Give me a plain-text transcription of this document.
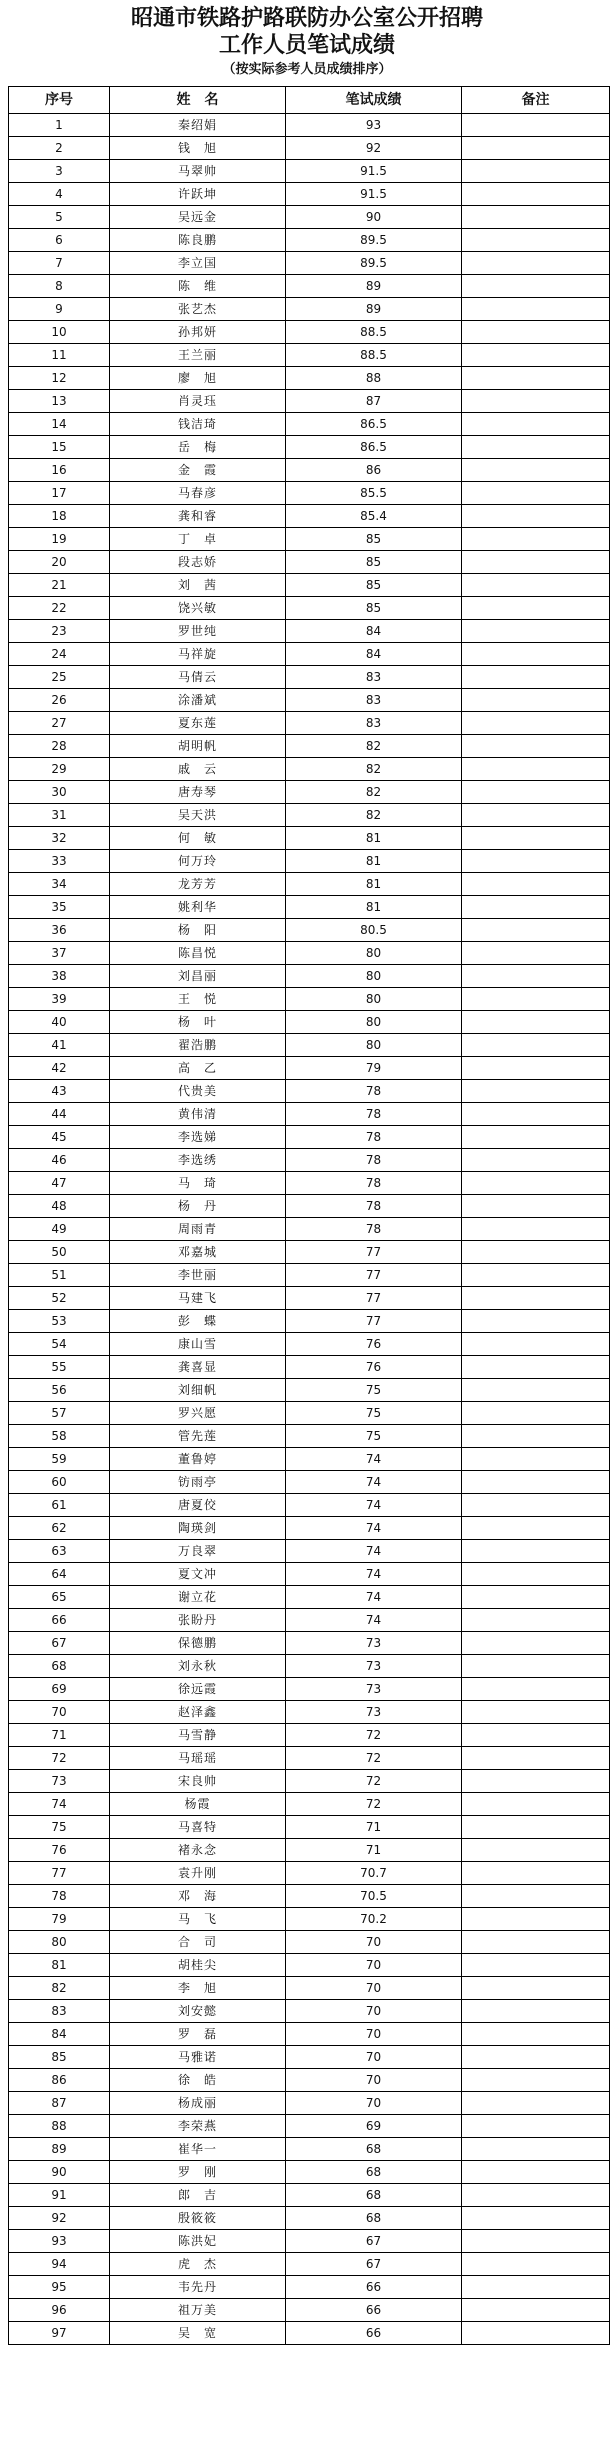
昭通市铁路护路联防办公室公开招聘
工作人员笔试成绩
（按实际参考人员成绩排序）
序号	姓　名	笔试成绩	备注
1	秦绍娟	93	
2	钱　旭	92	
3	马翠帅	91.5	
4	许跃坤	91.5	
5	吴远金	90	
6	陈良鹏	89.5	
7	李立国	89.5	
8	陈　维	89	
9	张艺杰	89	
10	孙邦妍	88.5	
11	王兰丽	88.5	
12	廖　旭	88	
13	肖灵珏	87	
14	钱洁琦	86.5	
15	岳　梅	86.5	
16	金　霞	86	
17	马春彦	85.5	
18	龚和睿	85.4	
19	丁　卓	85	
20	段志娇	85	
21	刘　茜	85	
22	饶兴敏	85	
23	罗世纯	84	
24	马祥旋	84	
25	马倩云	83	
26	涂潘斌	83	
27	夏东莲	83	
28	胡明帆	82	
29	戚　云	82	
30	唐寿琴	82	
31	吴天洪	82	
32	何　敏	81	
33	何万玲	81	
34	龙芳芳	81	
35	姚利华	81	
36	杨　阳	80.5	
37	陈昌悦	80	
38	刘昌丽	80	
39	王　悦	80	
40	杨　叶	80	
41	翟浩鹏	80	
42	高　乙	79	
43	代贵美	78	
44	黄伟清	78	
45	李选娣	78	
46	李选绣	78	
47	马　琦	78	
48	杨　丹	78	
49	周雨青	78	
50	邓嘉城	77	
51	李世丽	77	
52	马建飞	77	
53	彭　蝶	77	
54	康山雪	76	
55	龚喜显	76	
56	刘细帆	75	
57	罗兴愿	75	
58	管先莲	75	
59	董鲁婷	74	
60	钫雨亭	74	
61	唐夏佼	74	
62	陶瑛剑	74	
63	万良翠	74	
64	夏文冲	74	
65	谢立花	74	
66	张盼丹	74	
67	保德鹏	73	
68	刘永秋	73	
69	徐远霞	73	
70	赵泽鑫	73	
71	马雪静	72	
72	马瑶瑶	72	
73	宋良帅	72	
74	杨霞	72	
75	马喜特	71	
76	褚永念	71	
77	袁升刚	70.7	
78	邓　海	70.5	
79	马　飞	70.2	
80	合　司	70	
81	胡桂尖	70	
82	李　旭	70	
83	刘安懿	70	
84	罗　磊	70	
85	马雅诺	70	
86	徐　皓	70	
87	杨成丽	70	
88	李荣燕	69	
89	崔华一	68	
90	罗　刚	68	
91	郎　吉	68	
92	殷筱筱	68	
93	陈洪妃	67	
94	虎　杰	67	
95	韦先丹	66	
96	祖万美	66	
97	吴　宽	66	
